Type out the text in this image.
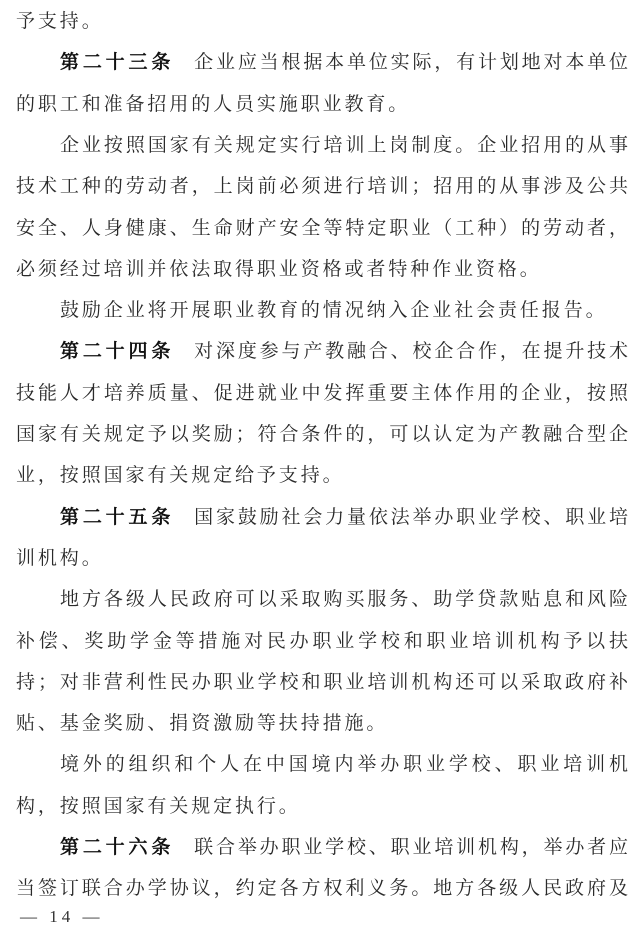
予支持。
第二十三条 企业应当根据本单位实际，有计划地对本单位
的职工和准备招用的人员实施职业教育。
企业按照国家有关规定实行培训上岗制度。企业招用的从事
技术工种的劳动者，上岗前必须进行培训；招用的从事涉及公共
安全、人身健康、生命财产安全等特定职业（工种）的劳动者，
必须经过培训并依法取得职业资格或者特种作业资格。
鼓励企业将开展职业教育的情况纳入企业社会责任报告。
第二十四条 对深度参与产教融合、校企合作，在提升技术
技能人才培养质量、促进就业中发挥重要主体作用的企业，按照
国家有关规定予以奖励；符合条件的，可以认定为产教融合型企
业，按照国家有关规定给予支持。
第二十五条 国家鼓励社会力量依法举办职业学校、职业培
训机构。
地方各级人民政府可以采取购买服务、助学贷款贴息和风险
补偿、奖助学金等措施对民办职业学校和职业培训机构予以扶
持；对非营利性民办职业学校和职业培训机构还可以采取政府补
贴、基金奖励、捐资激励等扶持措施。
境外的组织和个人在中国境内举办职业学校、职业培训机
构，按照国家有关规定执行。
第二十六条 联合举办职业学校、职业培训机构，举办者应
当签订联合办学协议，约定各方权利义务。地方各级人民政府及
— 14 —
